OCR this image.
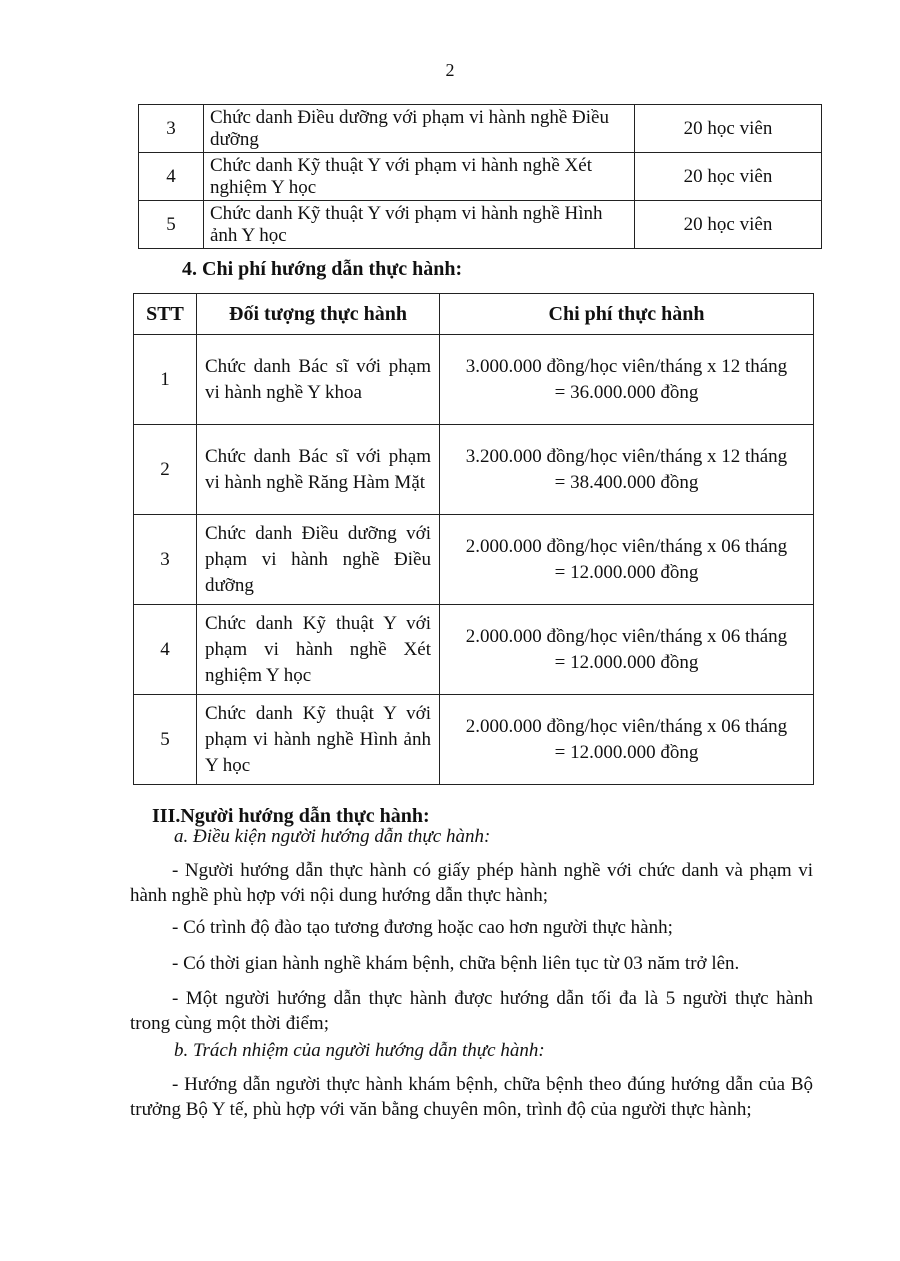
2
3	Chức danh Điều dưỡng với phạm vi hành nghề Điều dưỡng	20 học viên
4	Chức danh Kỹ thuật Y với phạm vi hành nghề Xét nghiệm Y học	20 học viên
5	Chức danh Kỹ thuật Y với phạm vi hành nghề Hình ảnh Y học	20 học viên
4. Chi phí hướng dẫn thực hành:
STT	Đối tượng thực hành	Chi phí thực hành
1	Chức danh Bác sĩ với phạm vi hành nghề Y khoa	3.000.000 đồng/học viên/tháng x 12 tháng
= 36.000.000 đồng

2	Chức danh Bác sĩ với phạm vi hành nghề Răng Hàm Mặt	3.200.000 đồng/học viên/tháng x 12 tháng
= 38.400.000 đồng

3	Chức danh Điều dưỡng với phạm vi hành nghề Điều dưỡng	2.000.000 đồng/học viên/tháng x 06 tháng
= 12.000.000 đồng

4	Chức danh Kỹ thuật Y với phạm vi hành nghề Xét nghiệm Y học	2.000.000 đồng/học viên/tháng x 06 tháng
= 12.000.000 đồng

5	Chức danh Kỹ thuật Y với phạm vi hành nghề Hình ảnh Y học	2.000.000 đồng/học viên/tháng x 06 tháng
= 12.000.000 đồng
III.Người hướng dẫn thực hành:
a. Điều kiện người hướng dẫn thực hành:
- Người hướng dẫn thực hành có giấy phép hành nghề với chức danh và phạm vi hành nghề phù hợp với nội dung hướng dẫn thực hành;
- Có trình độ đào tạo tương đương hoặc cao hơn người thực hành;
- Có thời gian hành nghề khám bệnh, chữa bệnh liên tục từ 03 năm trở lên.
- Một người hướng dẫn thực hành được hướng dẫn tối đa là 5 người thực hành trong cùng một thời điểm;
b. Trách nhiệm của người hướng dẫn thực hành:
- Hướng dẫn người thực hành khám bệnh, chữa bệnh theo đúng hướng dẫn của Bộ trưởng Bộ Y tế, phù hợp với văn bằng chuyên môn, trình độ của người thực hành;
